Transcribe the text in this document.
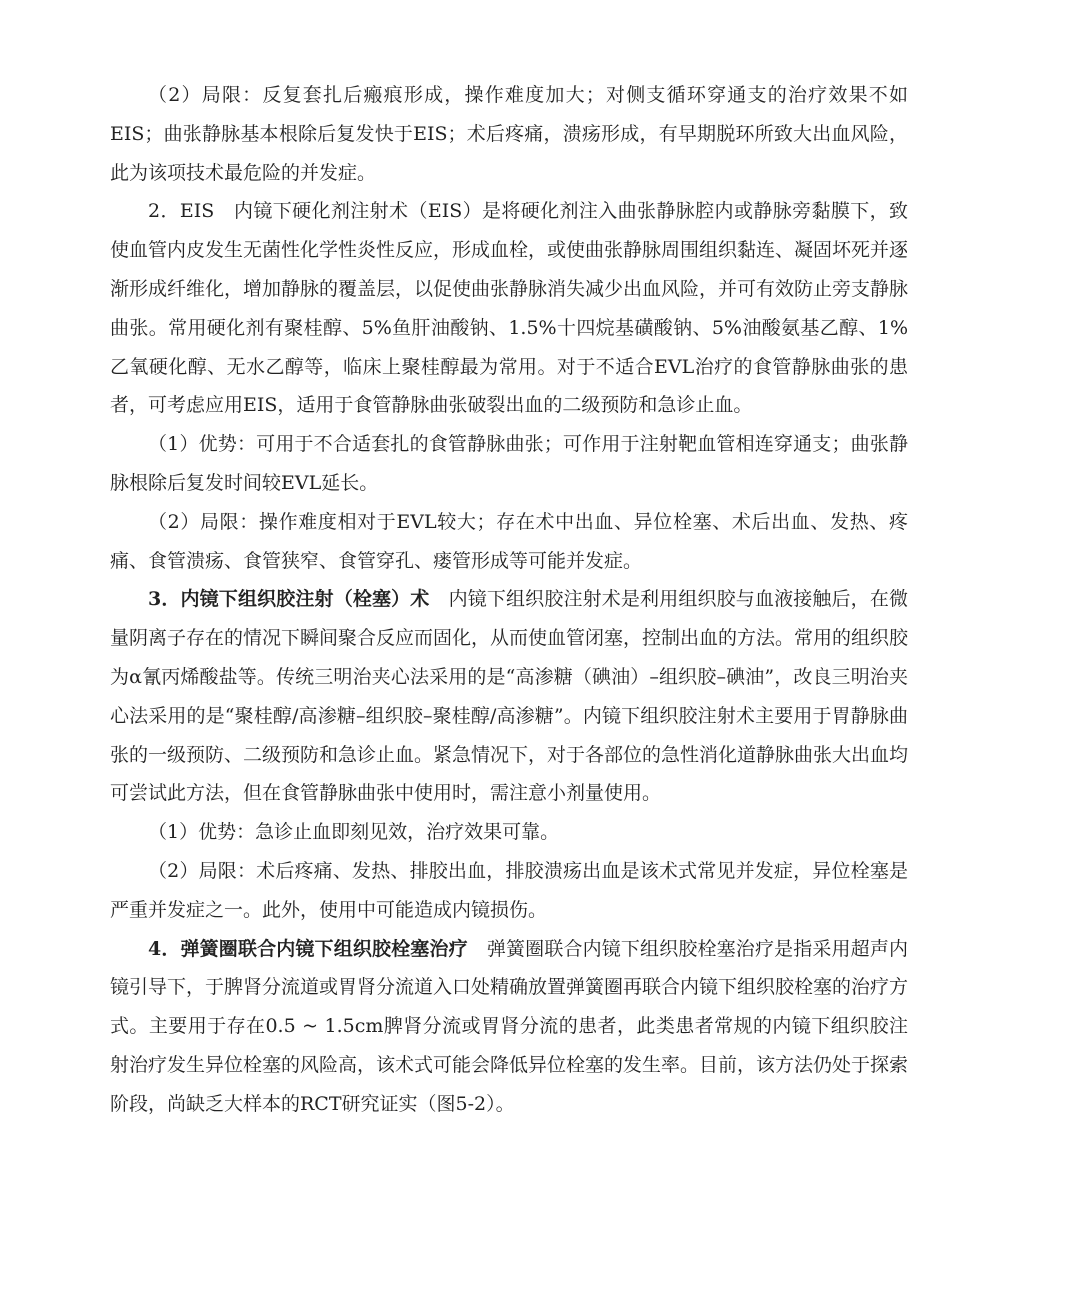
（2）局限：反复套扎后瘢痕形成，操作难度加大；对侧支循环穿通支的治疗效果不如EIS；曲张静脉基本根除后复发快于EIS；术后疼痛，溃疡形成，有早期脱环所致大出血风险，此为该项技术最危险的并发症。

2．EIS　内镜下硬化剂注射术（EIS）是将硬化剂注入曲张静脉腔内或静脉旁黏膜下，致使血管内皮发生无菌性化学性炎性反应，形成血栓，或使曲张静脉周围组织黏连、凝固坏死并逐渐形成纤维化，增加静脉的覆盖层，以促使曲张静脉消失减少出血风险，并可有效防止旁支静脉曲张。常用硬化剂有聚桂醇、5%鱼肝油酸钠、1.5%十四烷基磺酸钠、5%油酸氨基乙醇、1%乙氧硬化醇、无水乙醇等，临床上聚桂醇最为常用。对于不适合EVL治疗的食管静脉曲张的患者，可考虑应用EIS，适用于食管静脉曲张破裂出血的二级预防和急诊止血。

（1）优势：可用于不合适套扎的食管静脉曲张；可作用于注射靶血管相连穿通支；曲张静脉根除后复发时间较EVL延长。

（2）局限：操作难度相对于EVL较大；存在术中出血、异位栓塞、术后出血、发热、疼痛、食管溃疡、食管狭窄、食管穿孔、瘘管形成等可能并发症。

3．内镜下组织胶注射（栓塞）术　内镜下组织胶注射术是利用组织胶与血液接触后，在微量阴离子存在的情况下瞬间聚合反应而固化，从而使血管闭塞，控制出血的方法。常用的组织胶为α氰丙烯酸盐等。传统三明治夹心法采用的是“高渗糖（碘油）–组织胶–碘油”，改良三明治夹心法采用的是“聚桂醇/高渗糖–组织胶–聚桂醇/高渗糖”。内镜下组织胶注射术主要用于胃静脉曲张的一级预防、二级预防和急诊止血。紧急情况下，对于各部位的急性消化道静脉曲张大出血均可尝试此方法，但在食管静脉曲张中使用时，需注意小剂量使用。

（1）优势：急诊止血即刻见效，治疗效果可靠。

（2）局限：术后疼痛、发热、排胶出血，排胶溃疡出血是该术式常见并发症，异位栓塞是严重并发症之一。此外，使用中可能造成内镜损伤。

4．弹簧圈联合内镜下组织胶栓塞治疗　弹簧圈联合内镜下组织胶栓塞治疗是指采用超声内镜引导下，于脾肾分流道或胃肾分流道入口处精确放置弹簧圈再联合内镜下组织胶栓塞的治疗方式。主要用于存在0.5 ~ 1.5cm脾肾分流或胃肾分流的患者，此类患者常规的内镜下组织胶注射治疗发生异位栓塞的风险高，该术式可能会降低异位栓塞的发生率。目前，该方法仍处于探索阶段，尚缺乏大样本的RCT研究证实（图5-2）。
